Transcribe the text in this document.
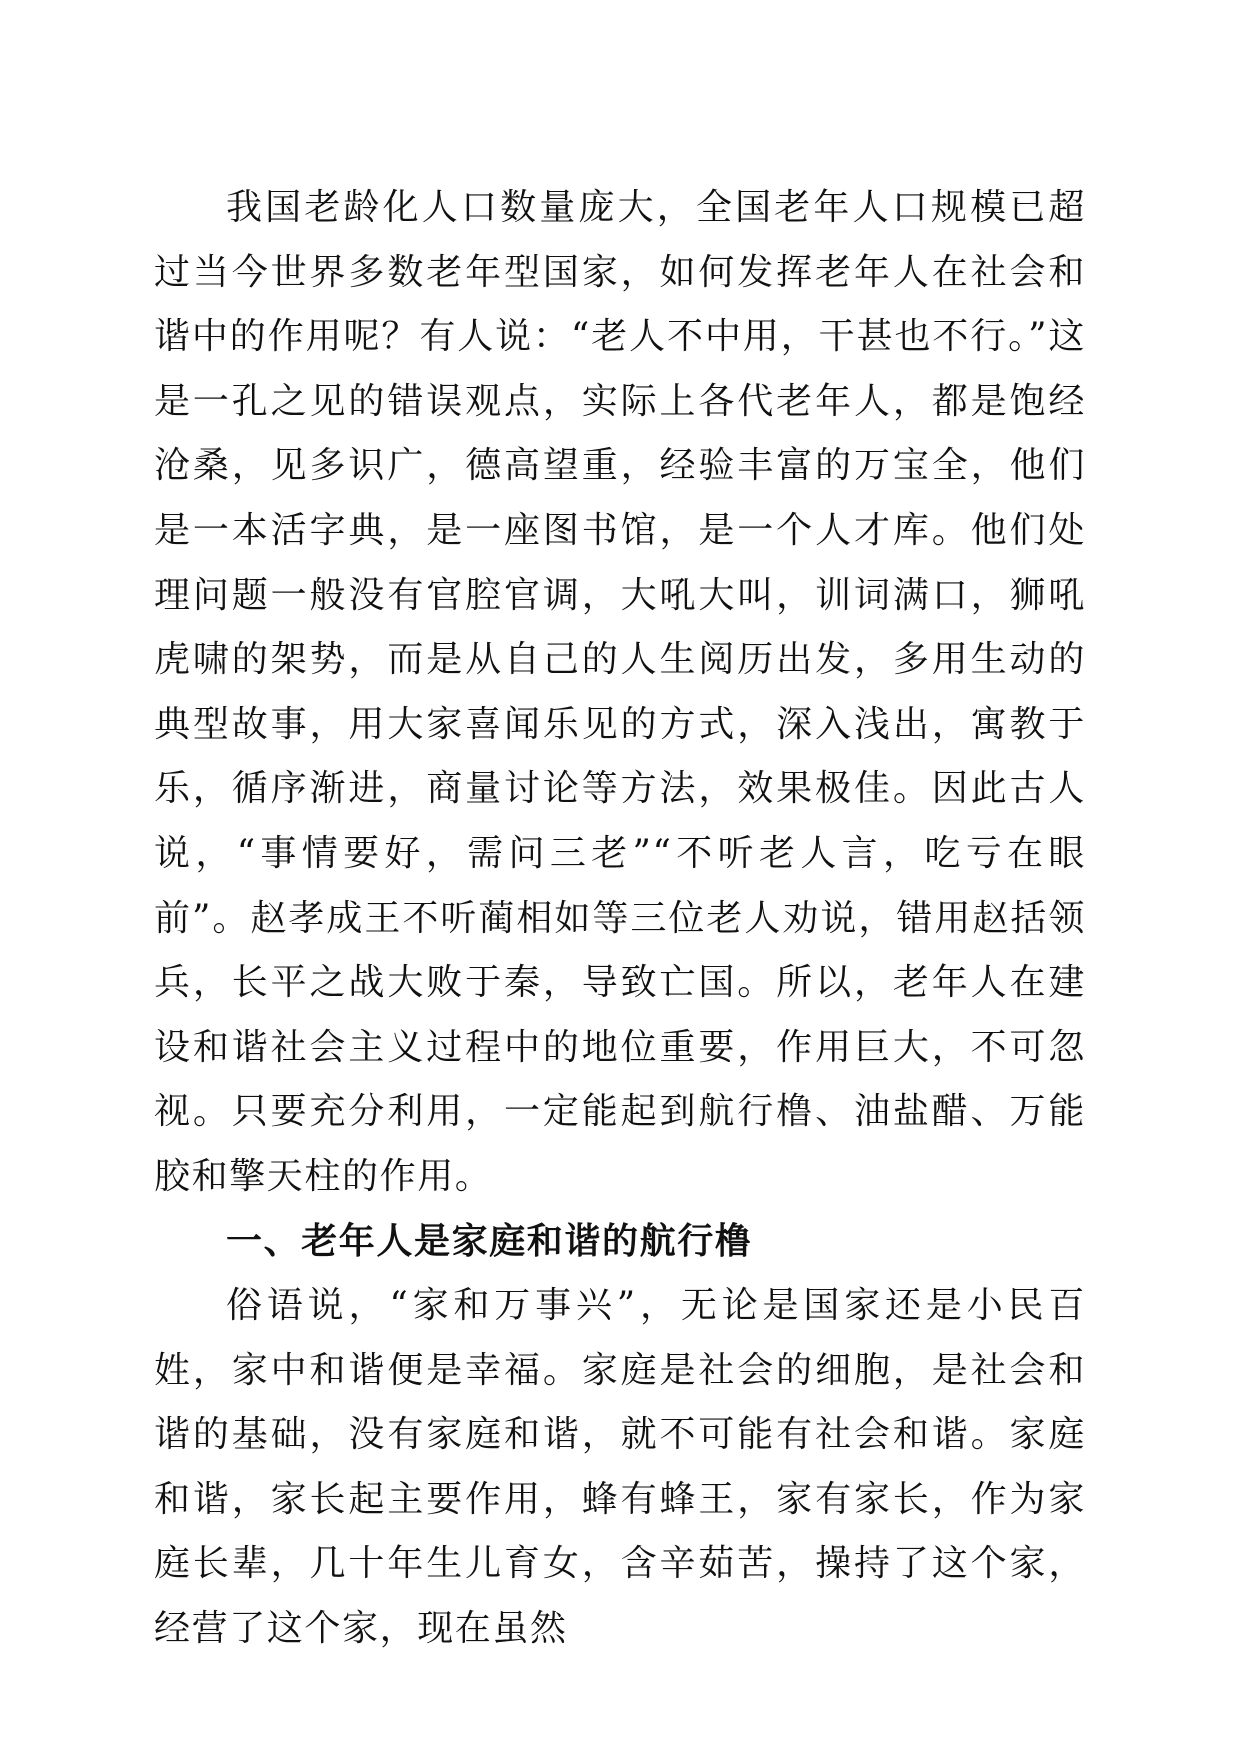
我国老龄化人口数量庞大，全国老年人口规模已超过当今世界多数老年型国家，如何发挥老年人在社会和谐中的作用呢？有人说：“老人不中用，干甚也不行。”这是一孔之见的错误观点，实际上各代老年人，都是饱经沧桑，见多识广，德高望重，经验丰富的万宝全，他们是一本活字典，是一座图书馆，是一个人才库。他们处理问题一般没有官腔官调，大吼大叫，训词满口，狮吼虎啸的架势，而是从自己的人生阅历出发，多用生动的典型故事，用大家喜闻乐见的方式，深入浅出，寓教于乐，循序渐进，商量讨论等方法，效果极佳。因此古人说，“事情要好，需问三老”“不听老人言，吃亏在眼前”。赵孝成王不听蔺相如等三位老人劝说，错用赵括领兵，长平之战大败于秦，导致亡国。所以，老年人在建设和谐社会主义过程中的地位重要，作用巨大，不可忽视。只要充分利用，一定能起到航行橹、油盐醋、万能胶和擎天柱的作用。

一、老年人是家庭和谐的航行橹

俗语说，“家和万事兴”，无论是国家还是小民百姓，家中和谐便是幸福。家庭是社会的细胞，是社会和谐的基础，没有家庭和谐，就不可能有社会和谐。家庭和谐，家长起主要作用，蜂有蜂王，家有家长，作为家庭长辈，几十年生儿育女，含辛茹苦，操持了这个家，经营了这个家，现在虽然
